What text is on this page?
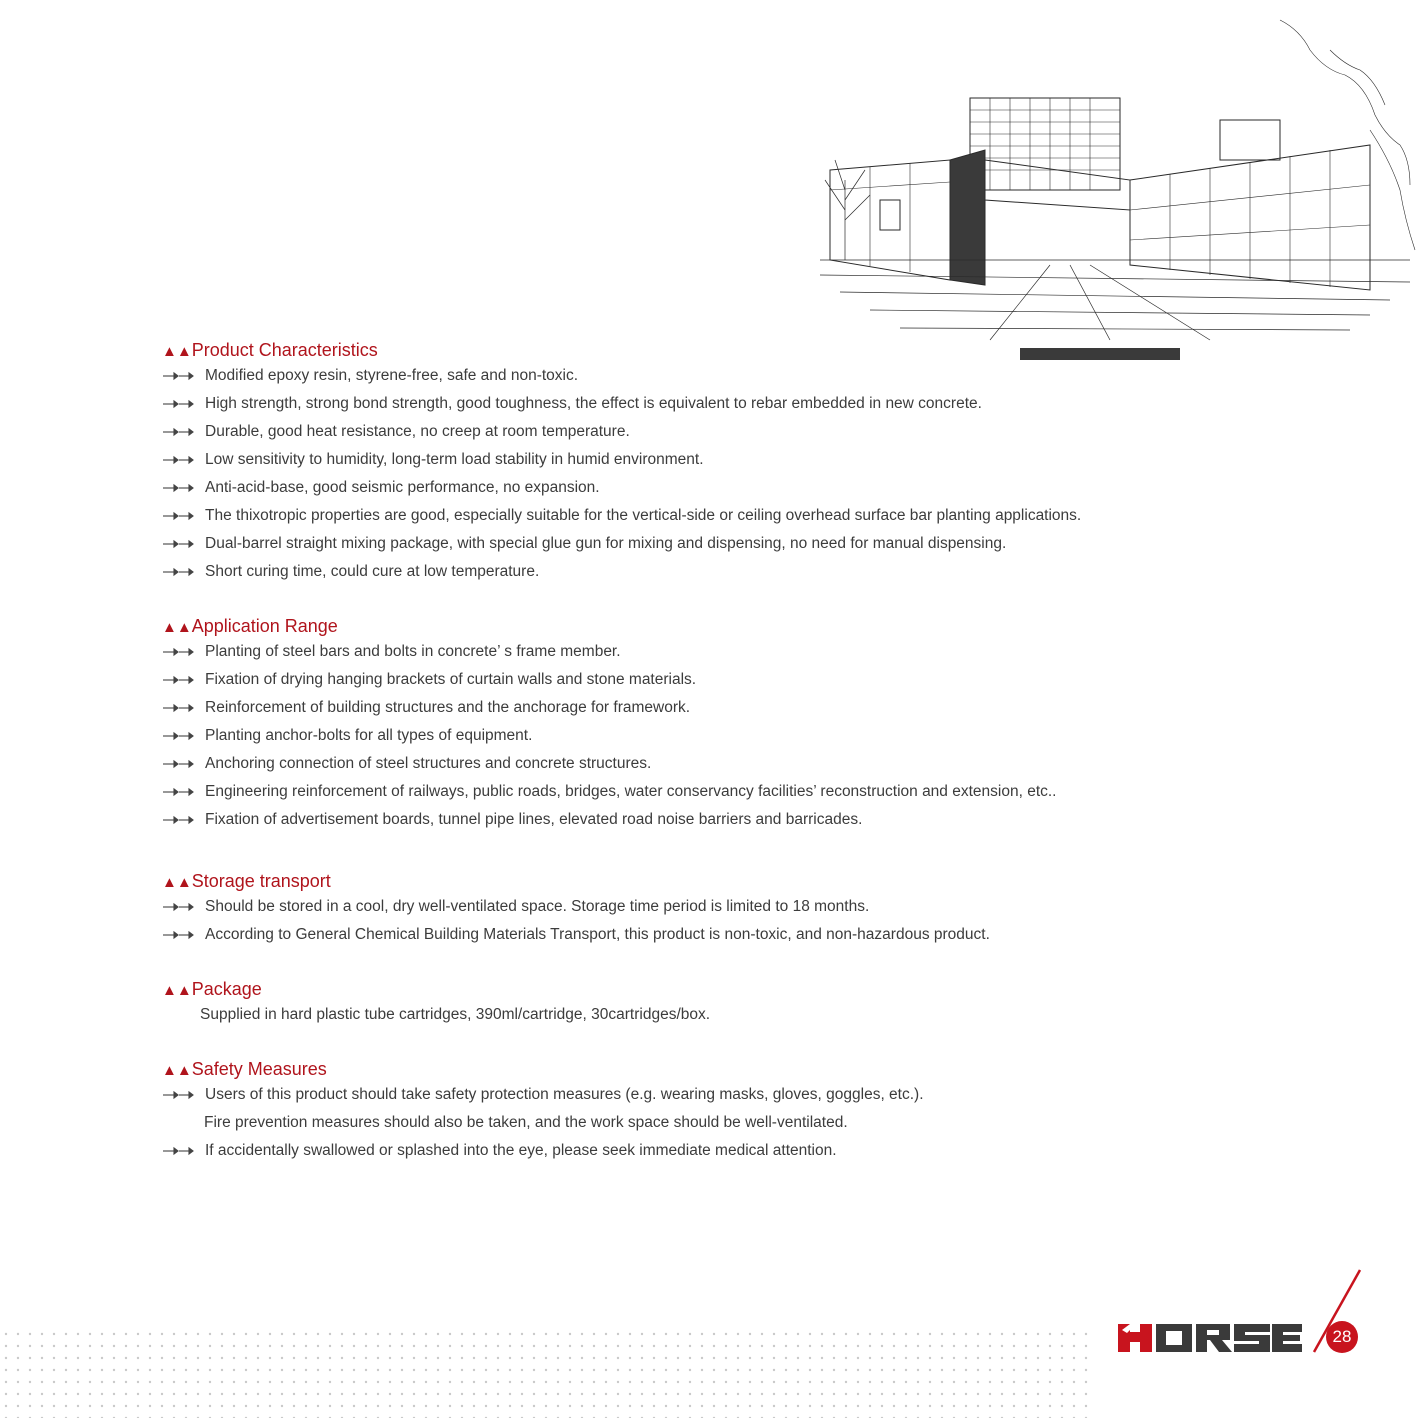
▲▲Product Characteristics
Modified epoxy resin, styrene-free, safe and non-toxic.
High strength, strong bond strength, good toughness, the effect is equivalent to rebar embedded in new concrete.
Durable, good heat resistance, no creep at room temperature.
Low sensitivity to humidity, long-term load stability in humid environment.
Anti-acid-base, good seismic performance, no expansion.
The thixotropic properties are good, especially suitable for the vertical-side or ceiling overhead surface bar planting applications.
Dual-barrel straight mixing package, with special glue gun for mixing and dispensing, no need for manual dispensing.
Short curing time, could cure at low temperature.
▲▲Application Range
Planting of steel bars and bolts in concrete’ s frame member.
Fixation of drying hanging brackets of curtain walls and stone materials.
Reinforcement of building structures and the anchorage for framework.
Planting anchor-bolts for all types of equipment.
Anchoring connection of steel structures and concrete structures.
Engineering reinforcement of railways, public roads, bridges, water conservancy facilities’ reconstruction and extension, etc..
Fixation of advertisement boards, tunnel pipe lines, elevated road noise barriers and barricades.
▲▲Storage transport
Should be stored in a cool, dry well-ventilated space. Storage time period is limited to 18 months.
According to General Chemical Building Materials Transport, this product is non-toxic, and non-hazardous product.
▲▲Package
Supplied in hard plastic tube cartridges, 390ml/cartridge, 30cartridges/box.
▲▲Safety Measures
Users of this product should take safety protection measures (e.g. wearing masks, gloves, goggles, etc.).
Fire prevention measures should also be taken, and the work space should be well-ventilated.
If accidentally swallowed or splashed into the eye, please seek immediate medical attention.
28
